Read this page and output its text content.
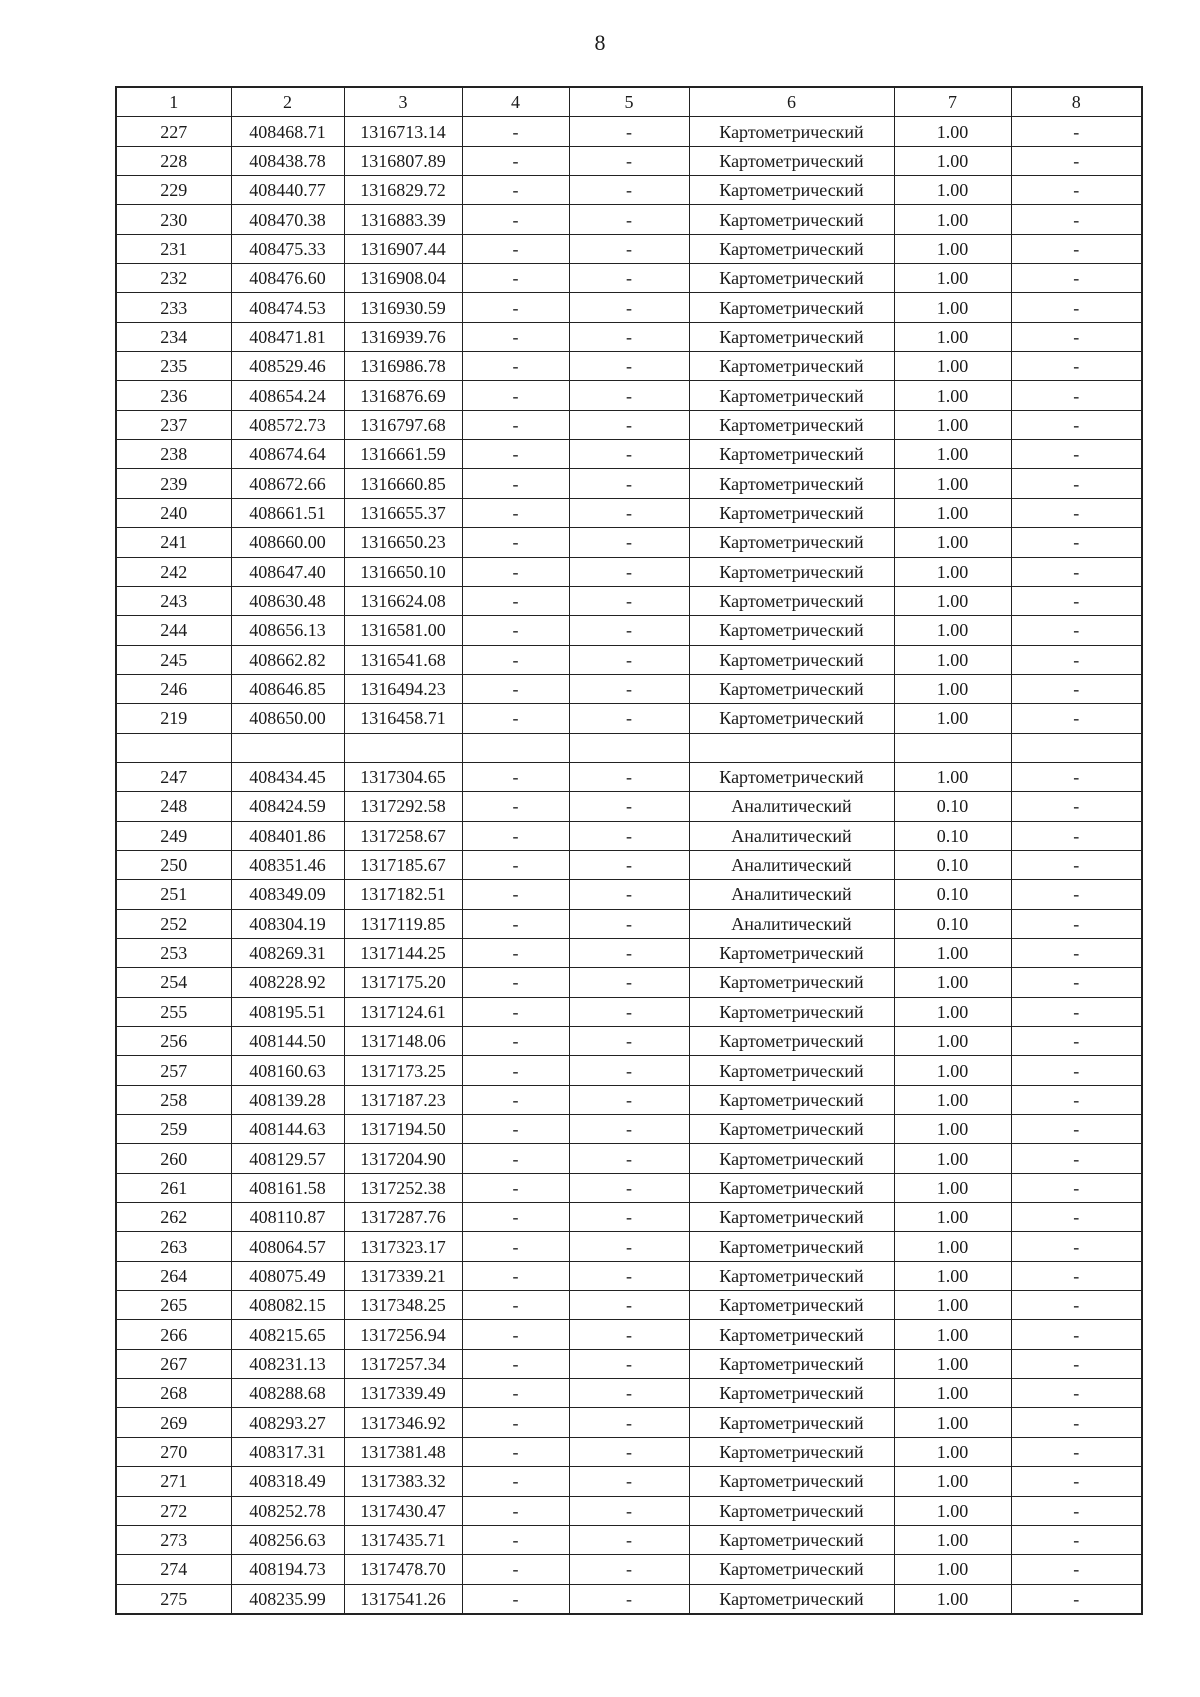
8
1	2	3	4	5	6	7	8
227	408468.71	1316713.14	-	-	Картометрический	1.00	-
228	408438.78	1316807.89	-	-	Картометрический	1.00	-
229	408440.77	1316829.72	-	-	Картометрический	1.00	-
230	408470.38	1316883.39	-	-	Картометрический	1.00	-
231	408475.33	1316907.44	-	-	Картометрический	1.00	-
232	408476.60	1316908.04	-	-	Картометрический	1.00	-
233	408474.53	1316930.59	-	-	Картометрический	1.00	-
234	408471.81	1316939.76	-	-	Картометрический	1.00	-
235	408529.46	1316986.78	-	-	Картометрический	1.00	-
236	408654.24	1316876.69	-	-	Картометрический	1.00	-
237	408572.73	1316797.68	-	-	Картометрический	1.00	-
238	408674.64	1316661.59	-	-	Картометрический	1.00	-
239	408672.66	1316660.85	-	-	Картометрический	1.00	-
240	408661.51	1316655.37	-	-	Картометрический	1.00	-
241	408660.00	1316650.23	-	-	Картометрический	1.00	-
242	408647.40	1316650.10	-	-	Картометрический	1.00	-
243	408630.48	1316624.08	-	-	Картометрический	1.00	-
244	408656.13	1316581.00	-	-	Картометрический	1.00	-
245	408662.82	1316541.68	-	-	Картометрический	1.00	-
246	408646.85	1316494.23	-	-	Картометрический	1.00	-
219	408650.00	1316458.71	-	-	Картометрический	1.00	-

247	408434.45	1317304.65	-	-	Картометрический	1.00	-
248	408424.59	1317292.58	-	-	Аналитический	0.10	-
249	408401.86	1317258.67	-	-	Аналитический	0.10	-
250	408351.46	1317185.67	-	-	Аналитический	0.10	-
251	408349.09	1317182.51	-	-	Аналитический	0.10	-
252	408304.19	1317119.85	-	-	Аналитический	0.10	-
253	408269.31	1317144.25	-	-	Картометрический	1.00	-
254	408228.92	1317175.20	-	-	Картометрический	1.00	-
255	408195.51	1317124.61	-	-	Картометрический	1.00	-
256	408144.50	1317148.06	-	-	Картометрический	1.00	-
257	408160.63	1317173.25	-	-	Картометрический	1.00	-
258	408139.28	1317187.23	-	-	Картометрический	1.00	-
259	408144.63	1317194.50	-	-	Картометрический	1.00	-
260	408129.57	1317204.90	-	-	Картометрический	1.00	-
261	408161.58	1317252.38	-	-	Картометрический	1.00	-
262	408110.87	1317287.76	-	-	Картометрический	1.00	-
263	408064.57	1317323.17	-	-	Картометрический	1.00	-
264	408075.49	1317339.21	-	-	Картометрический	1.00	-
265	408082.15	1317348.25	-	-	Картометрический	1.00	-
266	408215.65	1317256.94	-	-	Картометрический	1.00	-
267	408231.13	1317257.34	-	-	Картометрический	1.00	-
268	408288.68	1317339.49	-	-	Картометрический	1.00	-
269	408293.27	1317346.92	-	-	Картометрический	1.00	-
270	408317.31	1317381.48	-	-	Картометрический	1.00	-
271	408318.49	1317383.32	-	-	Картометрический	1.00	-
272	408252.78	1317430.47	-	-	Картометрический	1.00	-
273	408256.63	1317435.71	-	-	Картометрический	1.00	-
274	408194.73	1317478.70	-	-	Картометрический	1.00	-
275	408235.99	1317541.26	-	-	Картометрический	1.00	-
